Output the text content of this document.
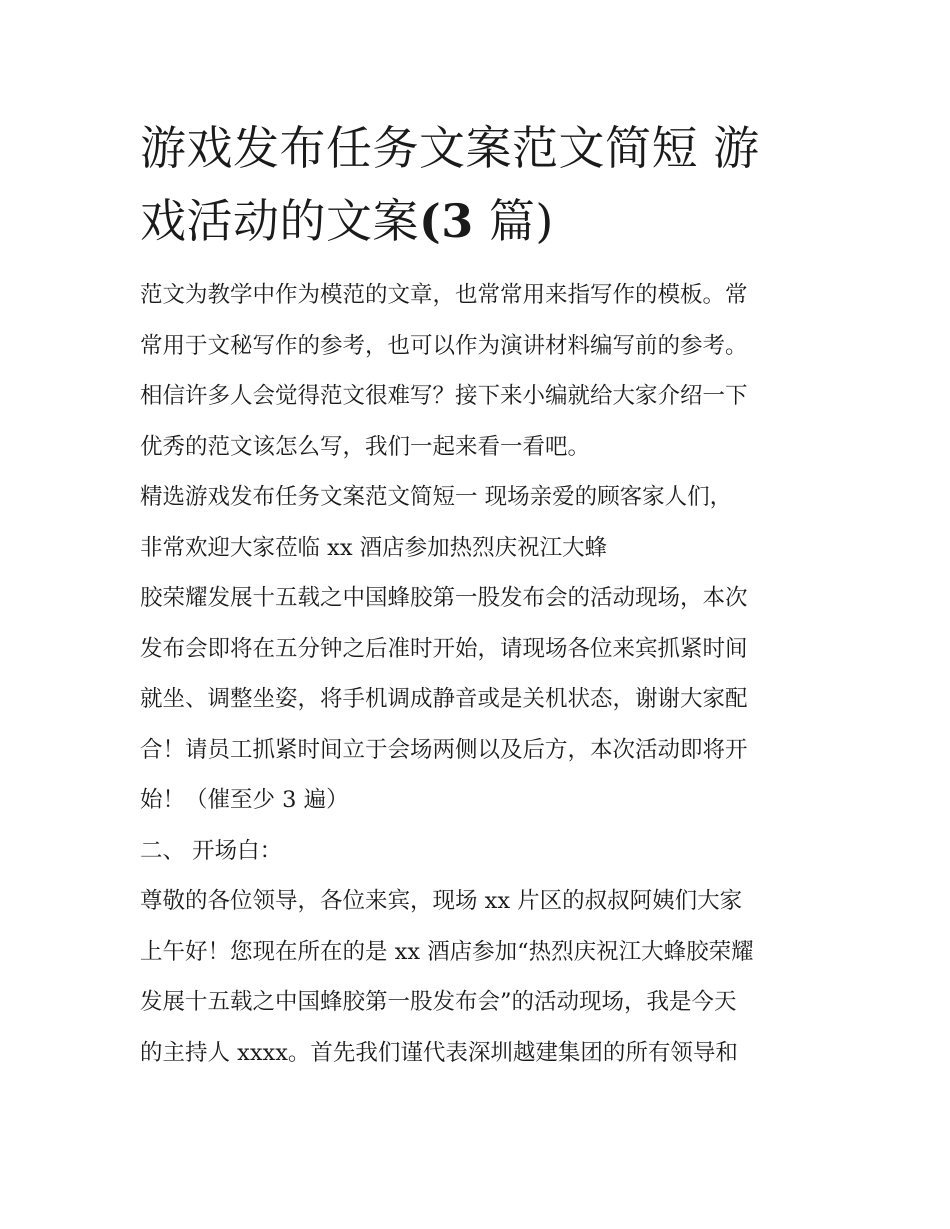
游戏发布任务文案范文简短 游
戏活动的文案(3 篇)
范文为教学中作为模范的文章，也常常用来指写作的模板。常
常用于文秘写作的参考，也可以作为演讲材料编写前的参考。
相信许多人会觉得范文很难写？接下来小编就给大家介绍一下
优秀的范文该怎么写，我们一起来看一看吧。
精选游戏发布任务文案范文简短一 现场亲爱的顾客家人们，
非常欢迎大家莅临 xx 酒店参加热烈庆祝江大蜂
胶荣耀发展十五载之中国蜂胶第一股发布会的活动现场，本次
发布会即将在五分钟之后准时开始，请现场各位来宾抓紧时间
就坐、调整坐姿，将手机调成静音或是关机状态，谢谢大家配
合！请员工抓紧时间立于会场两侧以及后方，本次活动即将开
始！（催至少 3 遍）
二、 开场白：
尊敬的各位领导，各位来宾，现场 xx 片区的叔叔阿姨们大家
上午好！您现在所在的是 xx 酒店参加“热烈庆祝江大蜂胶荣耀
发展十五载之中国蜂胶第一股发布会”的活动现场，我是今天
的主持人 xxxx。首先我们谨代表深圳越建集团的所有领导和
